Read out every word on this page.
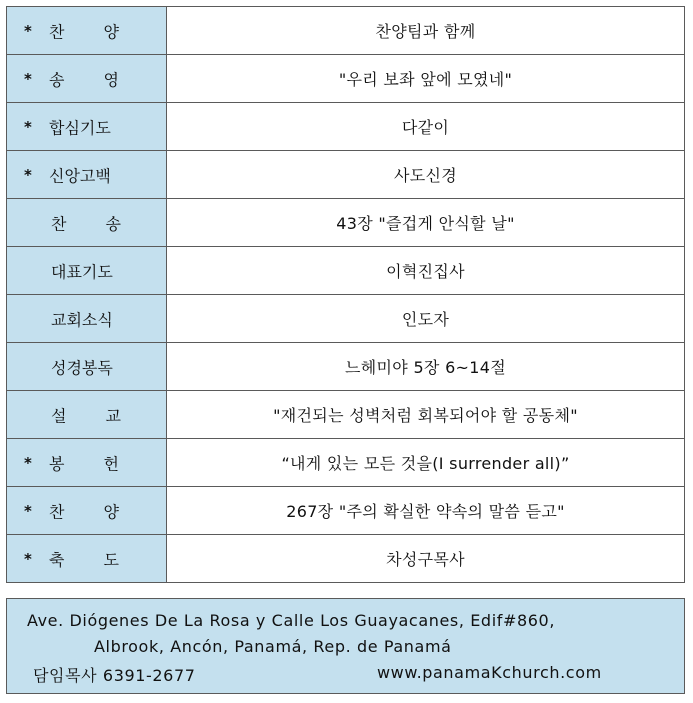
* 찬 양	찬양팀과 함께

* 송 영	"우리 보좌 앞에 모였네"

* 합심기도	다같이

* 신앙고백	사도신경

찬 송	43장 "즐겁게 안식할 날"

대표기도	이혁진집사

교회소식	인도자

성경봉독	느헤미야 5장 6~14절

설 교	"재건되는 성벽처럼 회복되어야 할 공동체"

* 봉 헌	“내게 있는 모든 것을(I surrender all)”

* 찬 양	267장 "주의 확실한 약속의 말씀 듣고"

* 축 도	차성구목사
Ave. Diógenes De La Rosa y Calle Los Guayacanes, Edif#860,
Albrook, Ancón, Panamá, Rep. de Panamá
담임목사 6391-2677	www.panamaKchurch.com
